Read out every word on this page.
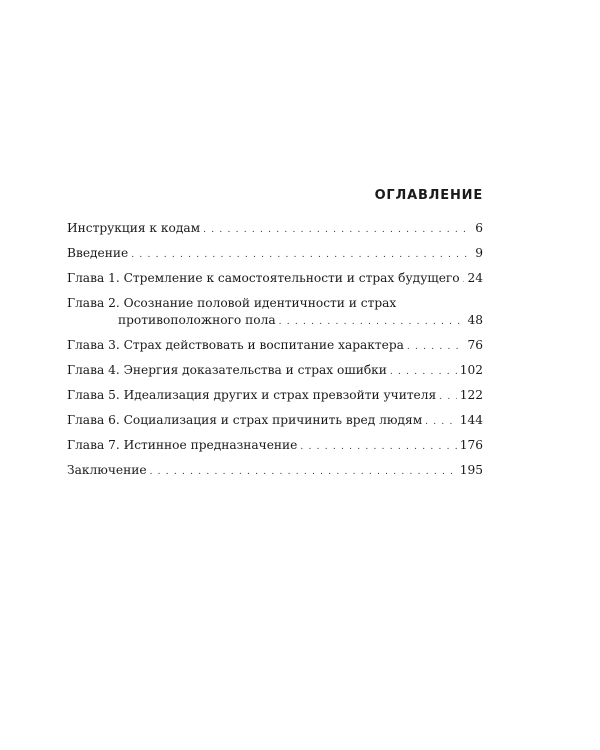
ОГЛАВЛЕНИЕ
Инструкция к кодам . . .	6
Введение . . .	9
Глава 1. Стремление к самостоятельности и страх будущего . . . 24
Глава 2. Осознание половой идентичности и страх
противоположного пола . . .	48
Глава 3. Страх действовать и воспитание характера . . .	76
Глава 4. Энергия доказательства и страх ошибки . . .	102
Глава 5. Идеализация других и страх превзойти учителя . . . 122
Глава 6. Социализация и страх причинить вред людям . . .	144
Глава 7. Истинное предназначение . . .	176
Заключение . . .	195
